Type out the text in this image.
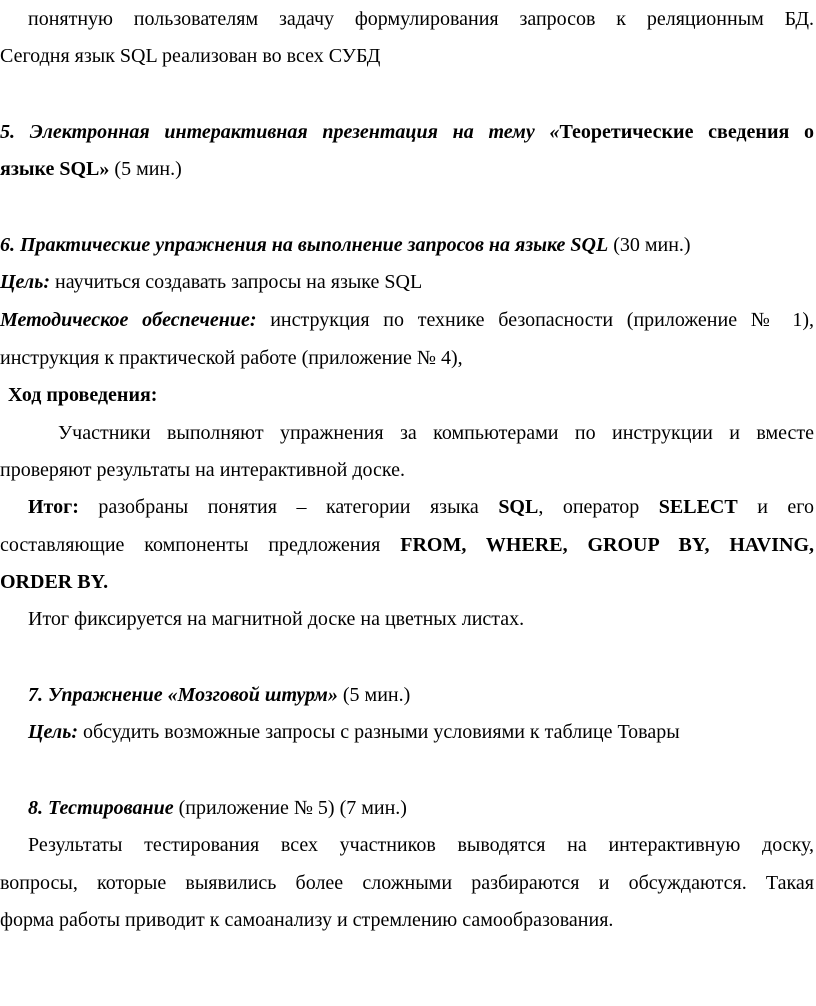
понятную пользователям задачу формулирования запросов к реляционным БД.
Сегодня язык SQL реализован во всех СУБД
5. Электронная интерактивная презентация на тему «Теоретические сведения о
языке SQL» (5 мин.)
6. Практические упражнения на выполнение запросов на языке SQL (30 мин.)
Цель: научиться создавать запросы на языке SQL
Методическое обеспечение: инструкция по технике безопасности (приложение № 1),
инструкция к практической работе (приложение № 4),
Ход проведения:
Участники выполняют упражнения за компьютерами по инструкции и вместе
проверяют результаты на интерактивной доске.
Итог: разобраны понятия – категории языка SQL, оператор SELECT и его
составляющие компоненты предложения FROM, WHERE, GROUP BY, HAVING,
ORDER BY.
Итог фиксируется на магнитной доске на цветных листах.
7. Упражнение «Мозговой штурм» (5 мин.)
Цель: обсудить возможные запросы с разными условиями к таблице Товары
8. Тестирование (приложение № 5) (7 мин.)
Результаты тестирования всех участников выводятся на интерактивную доску,
вопросы, которые выявились более сложными разбираются и обсуждаются. Такая
форма работы приводит к самоанализу и стремлению самообразования.
